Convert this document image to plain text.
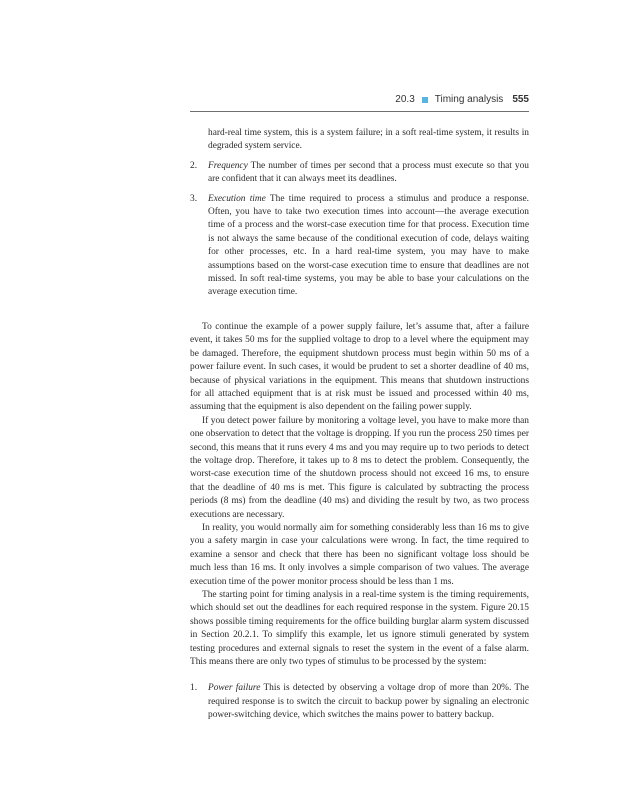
20.3 Timing analysis 555

hard-real time system, this is a system failure; in a soft real-time system, it results in degraded system service.

2.	Frequency The number of times per second that a process must execute so that you are confident that it can always meet its deadlines.

3.	Execution time The time required to process a stimulus and produce a response. Often, you have to take two execution times into account—the average execution time of a process and the worst-case execution time for that process. Execution time is not always the same because of the conditional execution of code, delays waiting for other processes, etc. In a hard real-time system, you may have to make assumptions based on the worst-case execution time to ensure that deadlines are not missed. In soft real-time systems, you may be able to base your calculations on the average execution time.

To continue the example of a power supply failure, let’s assume that, after a failure event, it takes 50 ms for the supplied voltage to drop to a level where the equipment may be damaged. Therefore, the equipment shutdown process must begin within 50 ms of a power failure event. In such cases, it would be prudent to set a shorter deadline of 40 ms, because of physical variations in the equipment. This means that shutdown instructions for all attached equipment that is at risk must be issued and processed within 40 ms, assuming that the equipment is also dependent on the failing power supply.

If you detect power failure by monitoring a voltage level, you have to make more than one observation to detect that the voltage is dropping. If you run the process 250 times per second, this means that it runs every 4 ms and you may require up to two periods to detect the voltage drop. Therefore, it takes up to 8 ms to detect the problem. Consequently, the worst-case execution time of the shutdown process should not exceed 16 ms, to ensure that the deadline of 40 ms is met. This figure is calculated by subtracting the process periods (8 ms) from the deadline (40 ms) and dividing the result by two, as two process executions are necessary.

In reality, you would normally aim for something considerably less than 16 ms to give you a safety margin in case your calculations were wrong. In fact, the time required to examine a sensor and check that there has been no significant voltage loss should be much less than 16 ms. It only involves a simple comparison of two values. The average execution time of the power monitor process should be less than 1 ms.

The starting point for timing analysis in a real-time system is the timing requirements, which should set out the deadlines for each required response in the system. Figure 20.15 shows possible timing requirements for the office building burglar alarm system discussed in Section 20.2.1. To simplify this example, let us ignore stimuli generated by system testing procedures and external signals to reset the system in the event of a false alarm. This means there are only two types of stimulus to be processed by the system:

1.	Power failure This is detected by observing a voltage drop of more than 20%. The required response is to switch the circuit to backup power by signaling an electronic power-switching device, which switches the mains power to battery backup.
